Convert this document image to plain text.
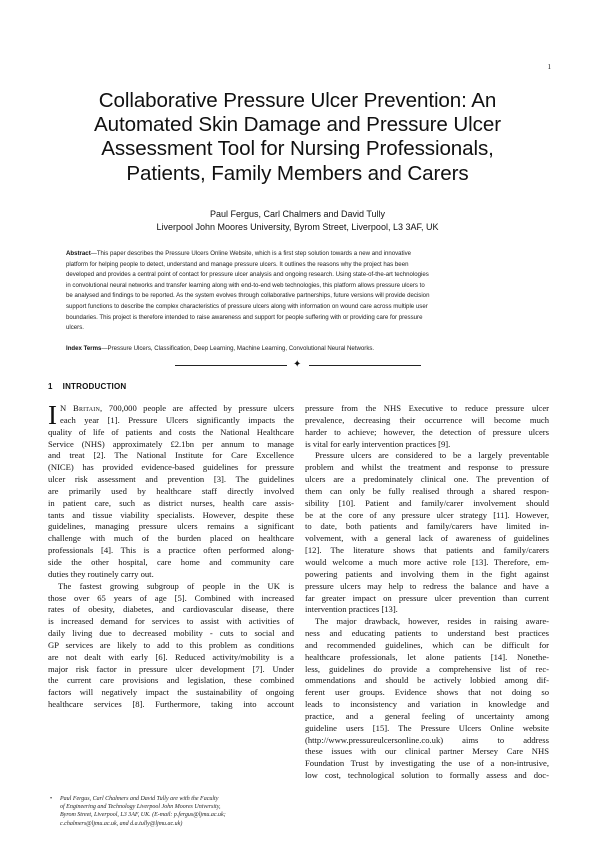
1
Collaborative Pressure Ulcer Prevention: An
Automated Skin Damage and Pressure Ulcer
Assessment Tool for Nursing Professionals,
Patients, Family Members and Carers
Paul Fergus, Carl Chalmers and David Tully
Liverpool John Moores University, Byrom Street, Liverpool, L3 3AF, UK
Abstract—This paper describes the Pressure Ulcers Online Website, which is a first step solution towards a new and innovative
platform for helping people to detect, understand and manage pressure ulcers. It outlines the reasons why the project has been
developed and provides a central point of contact for pressure ulcer analysis and ongoing research. Using state-of-the-art technologies
in convolutional neural networks and transfer learning along with end-to-end web technologies, this platform allows pressure ulcers to
be analysed and findings to be reported. As the system evolves through collaborative partnerships, future versions will provide decision
support functions to describe the complex characteristics of pressure ulcers along with information on wound care across multiple user
boundaries. This project is therefore intended to raise awareness and support for people suffering with or providing care for pressure
ulcers.
Index Terms—Pressure Ulcers, Classification, Deep Learning, Machine Learning, Convolutional Neural Networks.
✦
1 INTRODUCTION
I N Britain, 700,000 people are affected by pressure ulcers
each year [1]. Pressure Ulcers significantly impacts the
quality of life of patients and costs the National Healthcare
Service (NHS) approximately £2.1bn per annum to manage
and treat [2]. The National Institute for Care Excellence
(NICE) has provided evidence-based guidelines for pressure
ulcer risk assessment and prevention [3]. The guidelines
are primarily used by healthcare staff directly involved
in patient care, such as district nurses, health care assis-
tants and tissue viability specialists. However, despite these
guidelines, managing pressure ulcers remains a significant
challenge with much of the burden placed on healthcare
professionals [4]. This is a practice often performed along-
side the other hospital, care home and community care
duties they routinely carry out.
The fastest growing subgroup of people in the UK is
those over 65 years of age [5]. Combined with increased
rates of obesity, diabetes, and cardiovascular disease, there
is increased demand for services to assist with activities of
daily living due to decreased mobility - cuts to social and
GP services are likely to add to this problem as conditions
are not dealt with early [6]. Reduced activity/mobility is a
major risk factor in pressure ulcer development [7]. Under
the current care provisions and legislation, these combined
factors will negatively impact the sustainability of ongoing
healthcare services [8]. Furthermore, taking into account
• Paul Fergus, Carl Chalmers and David Tully are with the Faculty
of Engineering and Technology Liverpool John Moores University,
Byrom Street, Liverpool, L3 3AF, UK. (E-mail: p.fergus@ljmu.ac.uk;
c.chalmers@ljmu.ac.uk, and d.a.tully@ljmu.ac.uk)
pressure from the NHS Executive to reduce pressure ulcer
prevalence, decreasing their occurrence will become much
harder to achieve; however, the detection of pressure ulcers
is vital for early intervention practices [9].
Pressure ulcers are considered to be a largely preventable
problem and whilst the treatment and response to pressure
ulcers are a predominately clinical one. The prevention of
them can only be fully realised through a shared respon-
sibility [10]. Patient and family/carer involvement should
be at the core of any pressure ulcer strategy [11]. However,
to date, both patients and family/carers have limited in-
volvement, with a general lack of awareness of guidelines
[12]. The literature shows that patients and family/carers
would welcome a much more active role [13]. Therefore, em-
powering patients and involving them in the fight against
pressure ulcers may help to redress the balance and have a
far greater impact on pressure ulcer prevention than current
intervention practices [13].
The major drawback, however, resides in raising aware-
ness and educating patients to understand best practices
and recommended guidelines, which can be difficult for
healthcare professionals, let alone patients [14]. Nonethe-
less, guidelines do provide a comprehensive list of rec-
ommendations and should be actively lobbied among dif-
ferent user groups. Evidence shows that not doing so
leads to inconsistency and variation in knowledge and
practice, and a general feeling of uncertainty among
guideline users [15]. The Pressure Ulcers Online website
(http://www.pressureulcersonline.co.uk) aims to address
these issues with our clinical partner Mersey Care NHS
Foundation Trust by investigating the use of a non-intrusive,
low cost, technological solution to formally assess and doc-
